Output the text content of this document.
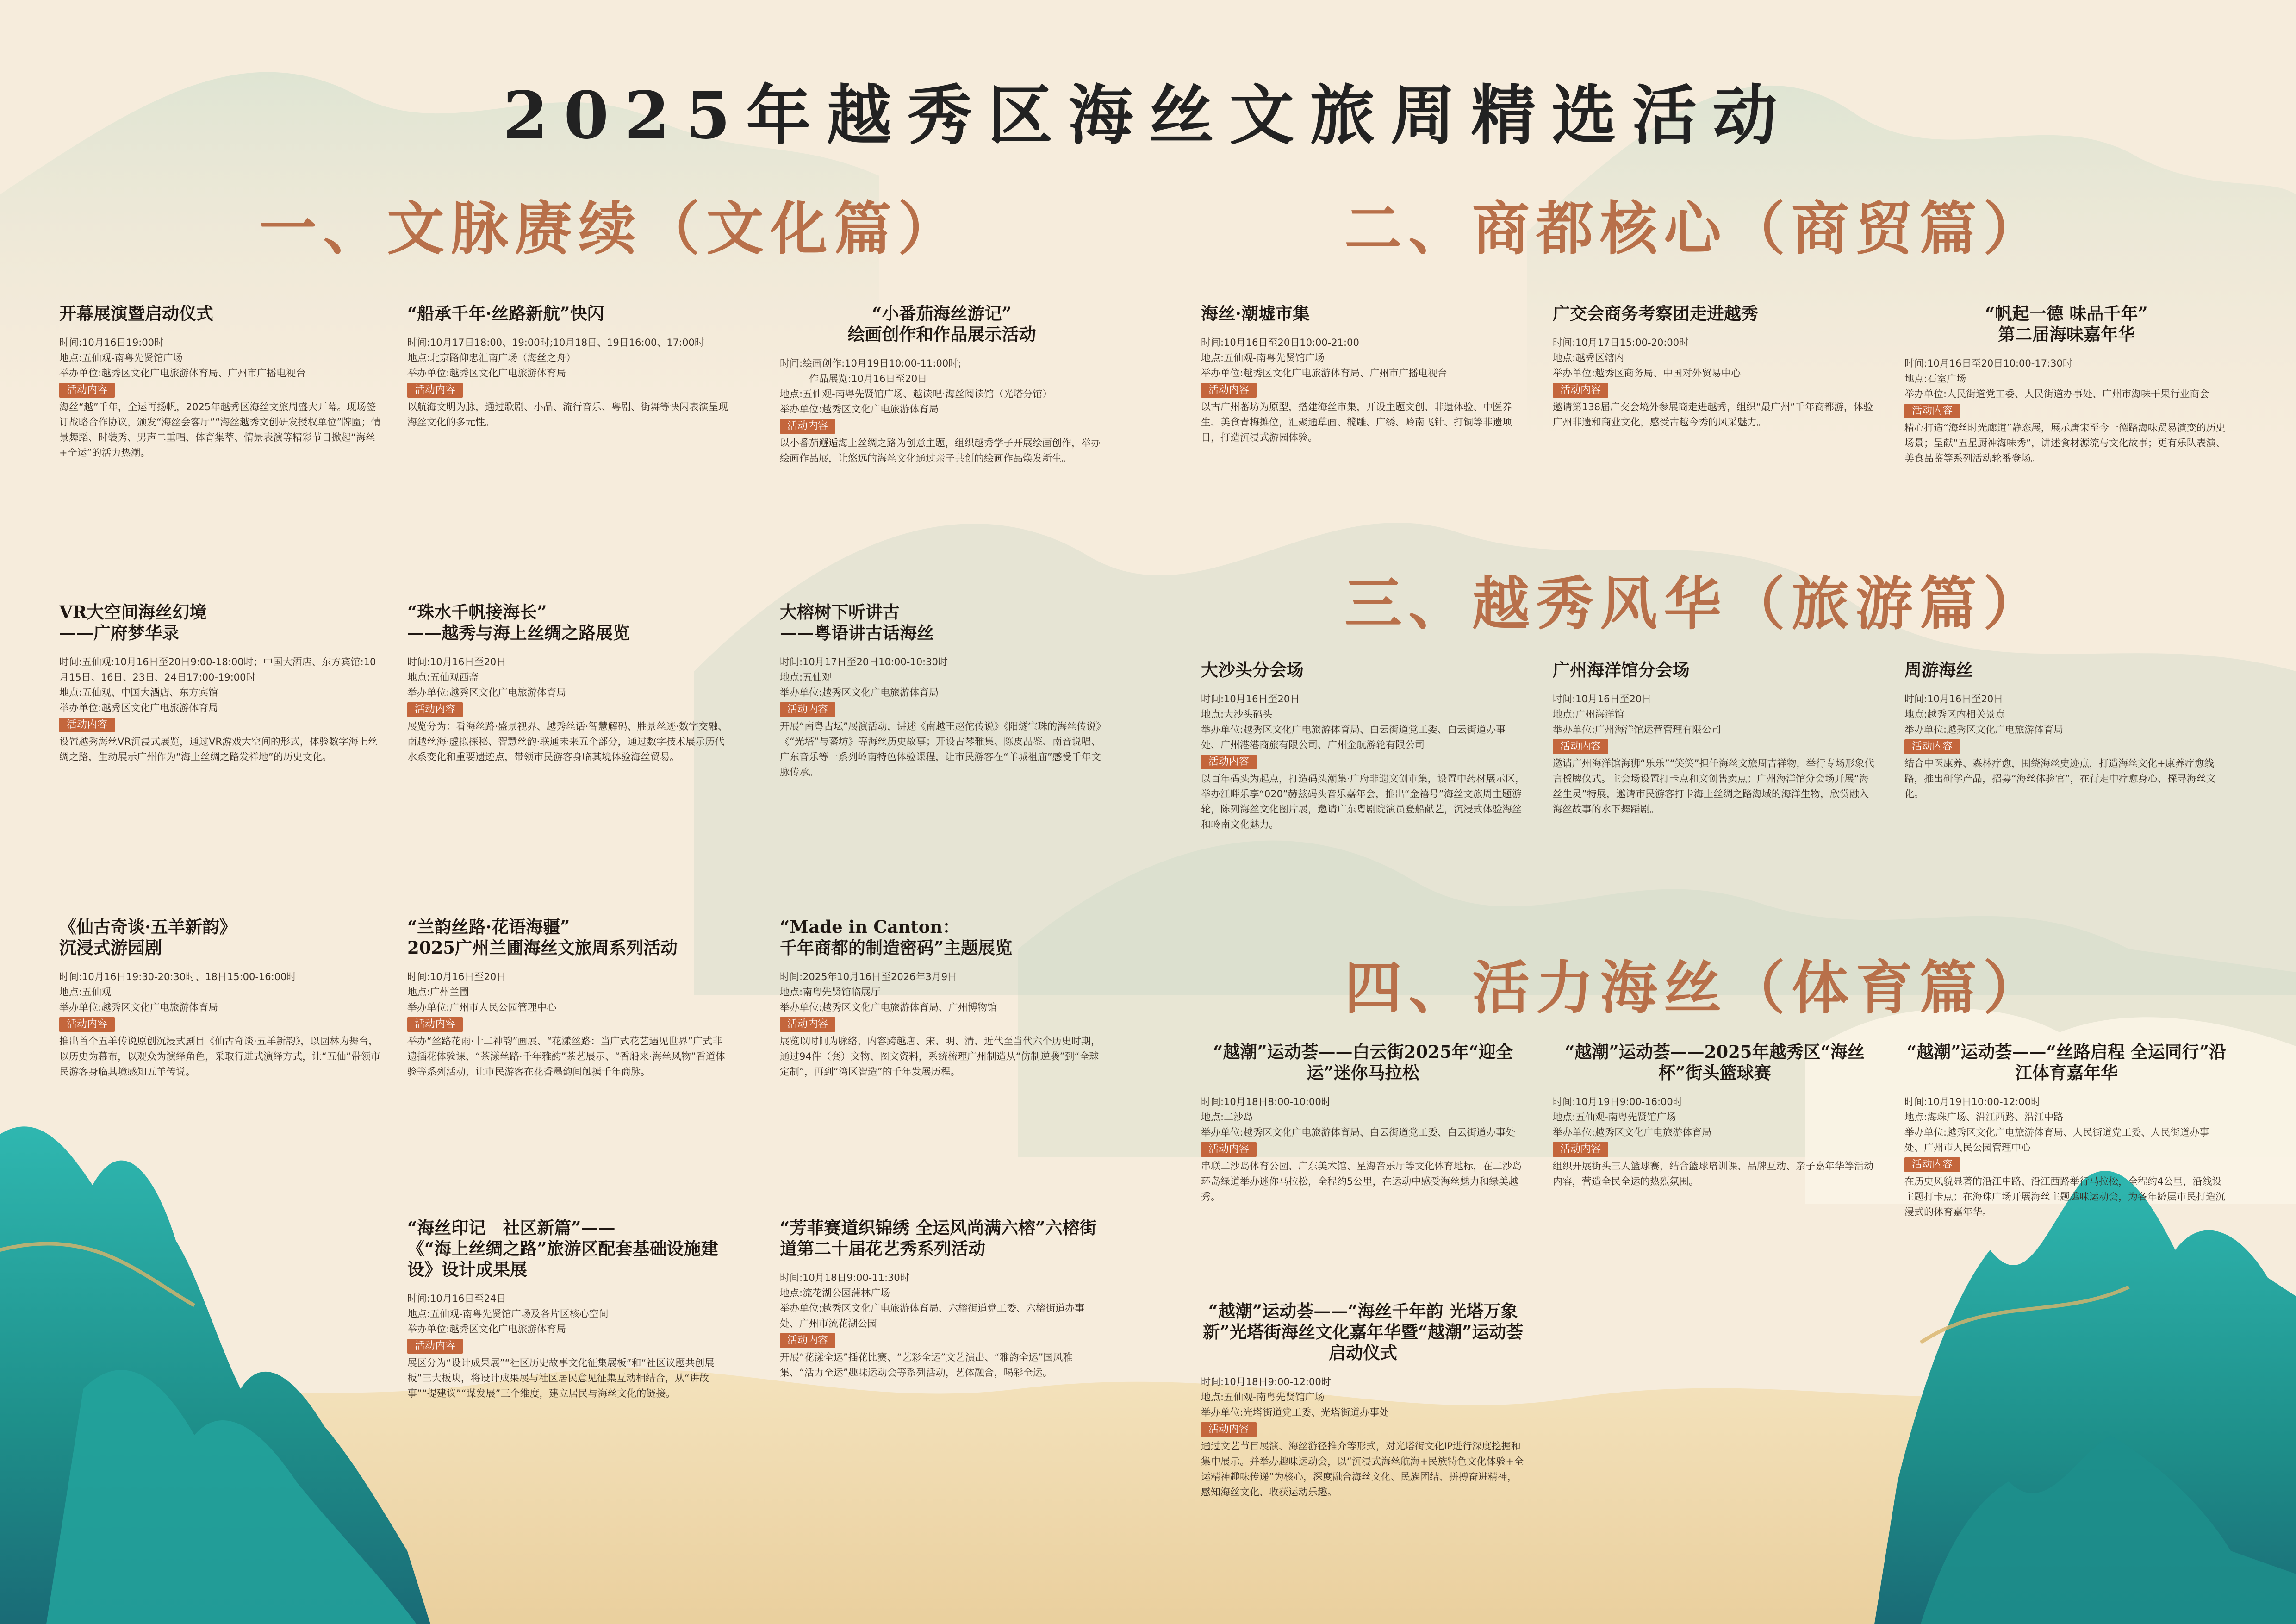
2025年越秀区海丝文旅周精选活动
一、文脉赓续（文化篇）	二、商都核心（商贸篇）
三、越秀风华（旅游篇）
四、活力海丝（体育篇）
开幕展演暨启动仪式

时间:10月16日19:00时

地点:五仙观-南粤先贤馆广场

举办单位:越秀区文化广电旅游体育局、广州市广播电视台

活动内容

海丝“越”千年，全运再扬帆，2025年越秀区海丝文旅周盛大开幕。现场签订战略合作协议，颁发“海丝会客厅”“海丝越秀文创研发授权单位”牌匾；情景舞蹈、时装秀、男声二重唱、体育集萃、情景表演等精彩节目掀起“海丝+全运”的活力热潮。

“船承千年·丝路新航”快闪

时间:10月17日18:00、19:00时;10月18日、19日16:00、17:00时

地点:北京路仰忠汇南广场（海丝之舟）

举办单位:越秀区文化广电旅游体育局

活动内容

以航海文明为脉，通过歌剧、小品、流行音乐、粤剧、街舞等快闪表演呈现海丝文化的多元性。

“小番茄海丝游记”
绘画创作和作品展示活动

时间:绘画创作:10月19日10:00-11:00时;

　　　作品展览:10月16日至20日

地点:五仙观-南粤先贤馆广场、越读吧·海丝阅读馆（光塔分馆）

举办单位:越秀区文化广电旅游体育局

活动内容

以小番茄邂逅海上丝绸之路为创意主题，组织越秀学子开展绘画创作，举办绘画作品展，让悠远的海丝文化通过亲子共创的绘画作品焕发新生。

VR大空间海丝幻境
——广府梦华录

时间:五仙观:10月16日至20日9:00-18:00时；中国大酒店、东方宾馆:10月15日、16日、23日、24日17:00-19:00时

地点:五仙观、中国大酒店、东方宾馆

举办单位:越秀区文化广电旅游体育局

活动内容

设置越秀海丝VR沉浸式展览，通过VR游戏大空间的形式，体验数字海上丝绸之路，生动展示广州作为“海上丝绸之路发祥地”的历史文化。

“珠水千帆接海长”
——越秀与海上丝绸之路展览

时间:10月16日至20日

地点:五仙观西斋

举办单位:越秀区文化广电旅游体育局

活动内容

展览分为：看海丝路·盛景视界、越秀丝话·智慧解码、胜景丝迹·数字交融、南越丝海·虚拟探秘、智慧丝韵·联通未来五个部分，通过数字技术展示历代水系变化和重要遗迹点，带领市民游客身临其境体验海丝贸易。

大榕树下听讲古
——粤语讲古话海丝

时间:10月17日至20日10:00-10:30时

地点:五仙观

举办单位:越秀区文化广电旅游体育局

活动内容

开展“南粤古坛”展演活动，讲述《南越王赵佗传说》《阳燧宝珠的海丝传说》《“光塔”与蕃坊》等海丝历史故事；开设古琴雅集、陈皮品鉴、南音说唱、广东音乐等一系列岭南特色体验课程，让市民游客在“羊城祖庙”感受千年文脉传承。

《仙古奇谈·五羊新韵》
沉浸式游园剧

时间:10月16日19:30-20:30时、18日15:00-16:00时

地点:五仙观

举办单位:越秀区文化广电旅游体育局

活动内容

推出首个五羊传说原创沉浸式剧目《仙古奇谈·五羊新韵》，以园林为舞台，以历史为幕布，以观众为演绎角色，采取行进式演绎方式，让“五仙”带领市民游客身临其境感知五羊传说。

“兰韵丝路·花语海疆”
2025广州兰圃海丝文旅周系列活动

时间:10月16日至20日

地点:广州兰圃

举办单位:广州市人民公园管理中心

活动内容

举办“丝路花雨·十二神韵”画展、“花漾丝路：当广式花艺遇见世界”广式非遗插花体验课、“茶漾丝路·千年雅韵”茶艺展示、“香船来·海丝风物”香道体验等系列活动，让市民游客在花香墨韵间触摸千年商脉。

“Made in Canton：
千年商都的制造密码”主题展览

时间:2025年10月16日至2026年3月9日

地点:南粤先贤馆临展厅

举办单位:越秀区文化广电旅游体育局、广州博物馆

活动内容

展览以时间为脉络，内容跨越唐、宋、明、清、近代至当代六个历史时期，通过94件（套）文物、图文资料，系统梳理广州制造从“仿制逆袭”到“全球定制”，再到“湾区智造”的千年发展历程。

“海丝印记　社区新篇”——
《“海上丝绸之路”旅游区配套基础设施建设》设计成果展

时间:10月16日至24日

地点:五仙观-南粤先贤馆广场及各片区核心空间

举办单位:越秀区文化广电旅游体育局

活动内容

展区分为“设计成果展”“社区历史故事文化征集展板”和“社区议题共创展板”三大板块，将设计成果展与社区居民意见征集互动相结合，从“讲故事”“提建议”“谋发展”三个维度，建立居民与海丝文化的链接。

“芳菲赛道织锦绣 全运风尚满六榕”六榕街道第二十届花艺秀系列活动

时间:10月18日9:00-11:30时

地点:流花湖公园蒲林广场

举办单位:越秀区文化广电旅游体育局、六榕街道党工委、六榕街道办事处、广州市流花湖公园

活动内容

开展“花漾全运”插花比赛、“艺彩全运”文艺演出、“雅韵全运”国风雅集、“活力全运”趣味运动会等系列活动，艺体融合，喝彩全运。

海丝·潮墟市集

时间:10月16日至20日10:00-21:00

地点:五仙观-南粤先贤馆广场

举办单位:越秀区文化广电旅游体育局、广州市广播电视台

活动内容

以古广州蕃坊为原型，搭建海丝市集，开设主题文创、非遗体验、中医养生、美食青梅摊位，汇聚通草画、榄雕、广绣、岭南飞针、打铜等非遗项目，打造沉浸式游园体验。

广交会商务考察团走进越秀

时间:10月17日15:00-20:00时

地点:越秀区辖内

举办单位:越秀区商务局、中国对外贸易中心

活动内容

邀请第138届广交会境外参展商走进越秀，组织“最广州”千年商都游，体验广州非遗和商业文化，感受古越今秀的风采魅力。

“帆起一德 味品千年”
第二届海味嘉年华

时间:10月16日至20日10:00-17:30时

地点:石室广场

举办单位:人民街道党工委、人民街道办事处、广州市海味干果行业商会

活动内容

精心打造“海丝时光廊道”静态展，展示唐宋至今一德路海味贸易演变的历史场景；呈献“五星厨神海味秀”，讲述食材源流与文化故事；更有乐队表演、美食品鉴等系列活动轮番登场。

大沙头分会场

时间:10月16日至20日

地点:大沙头码头

举办单位:越秀区文化广电旅游体育局、白云街道党工委、白云街道办事处、广州港港商旅有限公司、广州金航游轮有限公司

活动内容

以百年码头为起点，打造码头潮集·广府非遗文创市集，设置中药材展示区，举办江畔乐享“020”赫兹码头音乐嘉年会，推出“金禧号”海丝文旅周主题游轮，陈列海丝文化图片展，邀请广东粤剧院演员登船献艺，沉浸式体验海丝和岭南文化魅力。

广州海洋馆分会场

时间:10月16日至20日

地点:广州海洋馆

举办单位:广州海洋馆运营管理有限公司

活动内容

邀请广州海洋馆海狮“乐乐”“笑笑”担任海丝文旅周吉祥物，举行专场形象代言授牌仪式。主会场设置打卡点和文创售卖点；广州海洋馆分会场开展“海丝生灵”特展，邀请市民游客打卡海上丝绸之路海域的海洋生物，欣赏融入海丝故事的水下舞蹈剧。

周游海丝

时间:10月16日至20日

地点:越秀区内相关景点

举办单位:越秀区文化广电旅游体育局

活动内容

结合中医康养、森林疗愈，围绕海丝史迹点，打造海丝文化+康养疗愈线路，推出研学产品，招募“海丝体验官”，在行走中疗愈身心、探寻海丝文化。

“越潮”运动荟——白云街2025年“迎全运”迷你马拉松

时间:10月18日8:00-10:00时

地点:二沙岛

举办单位:越秀区文化广电旅游体育局、白云街道党工委、白云街道办事处

活动内容

串联二沙岛体育公园、广东美术馆、星海音乐厅等文化体育地标，在二沙岛环岛绿道举办迷你马拉松，全程约5公里，在运动中感受海丝魅力和绿美越秀。

“越潮”运动荟——2025年越秀区“海丝杯”街头篮球赛

时间:10月19日9:00-16:00时

地点:五仙观-南粤先贤馆广场

举办单位:越秀区文化广电旅游体育局

活动内容

组织开展街头三人篮球赛，结合篮球培训课、品牌互动、亲子嘉年华等活动内容，营造全民全运的热烈氛围。

“越潮”运动荟——“丝路启程 全运同行”沿江体育嘉年华

时间:10月19日10:00-12:00时

地点:海珠广场、沿江西路、沿江中路

举办单位:越秀区文化广电旅游体育局、人民街道党工委、人民街道办事处、广州市人民公园管理中心

活动内容

在历史风貌显著的沿江中路、沿江西路举行马拉松，全程约4公里，沿线设主题打卡点；在海珠广场开展海丝主题趣味运动会，为各年龄层市民打造沉浸式的体育嘉年华。

“越潮”运动荟——“海丝千年韵 光塔万象新”光塔街海丝文化嘉年华暨“越潮”运动荟启动仪式

时间:10月18日9:00-12:00时

地点:五仙观-南粤先贤馆广场

举办单位:光塔街道党工委、光塔街道办事处

活动内容

通过文艺节目展演、海丝游径推介等形式，对光塔街文化IP进行深度挖掘和集中展示。并举办趣味运动会，以“沉浸式海丝航海+民族特色文化体验+全运精神趣味传递”为核心，深度融合海丝文化、民族团结、拼搏奋进精神，感知海丝文化、收获运动乐趣。
